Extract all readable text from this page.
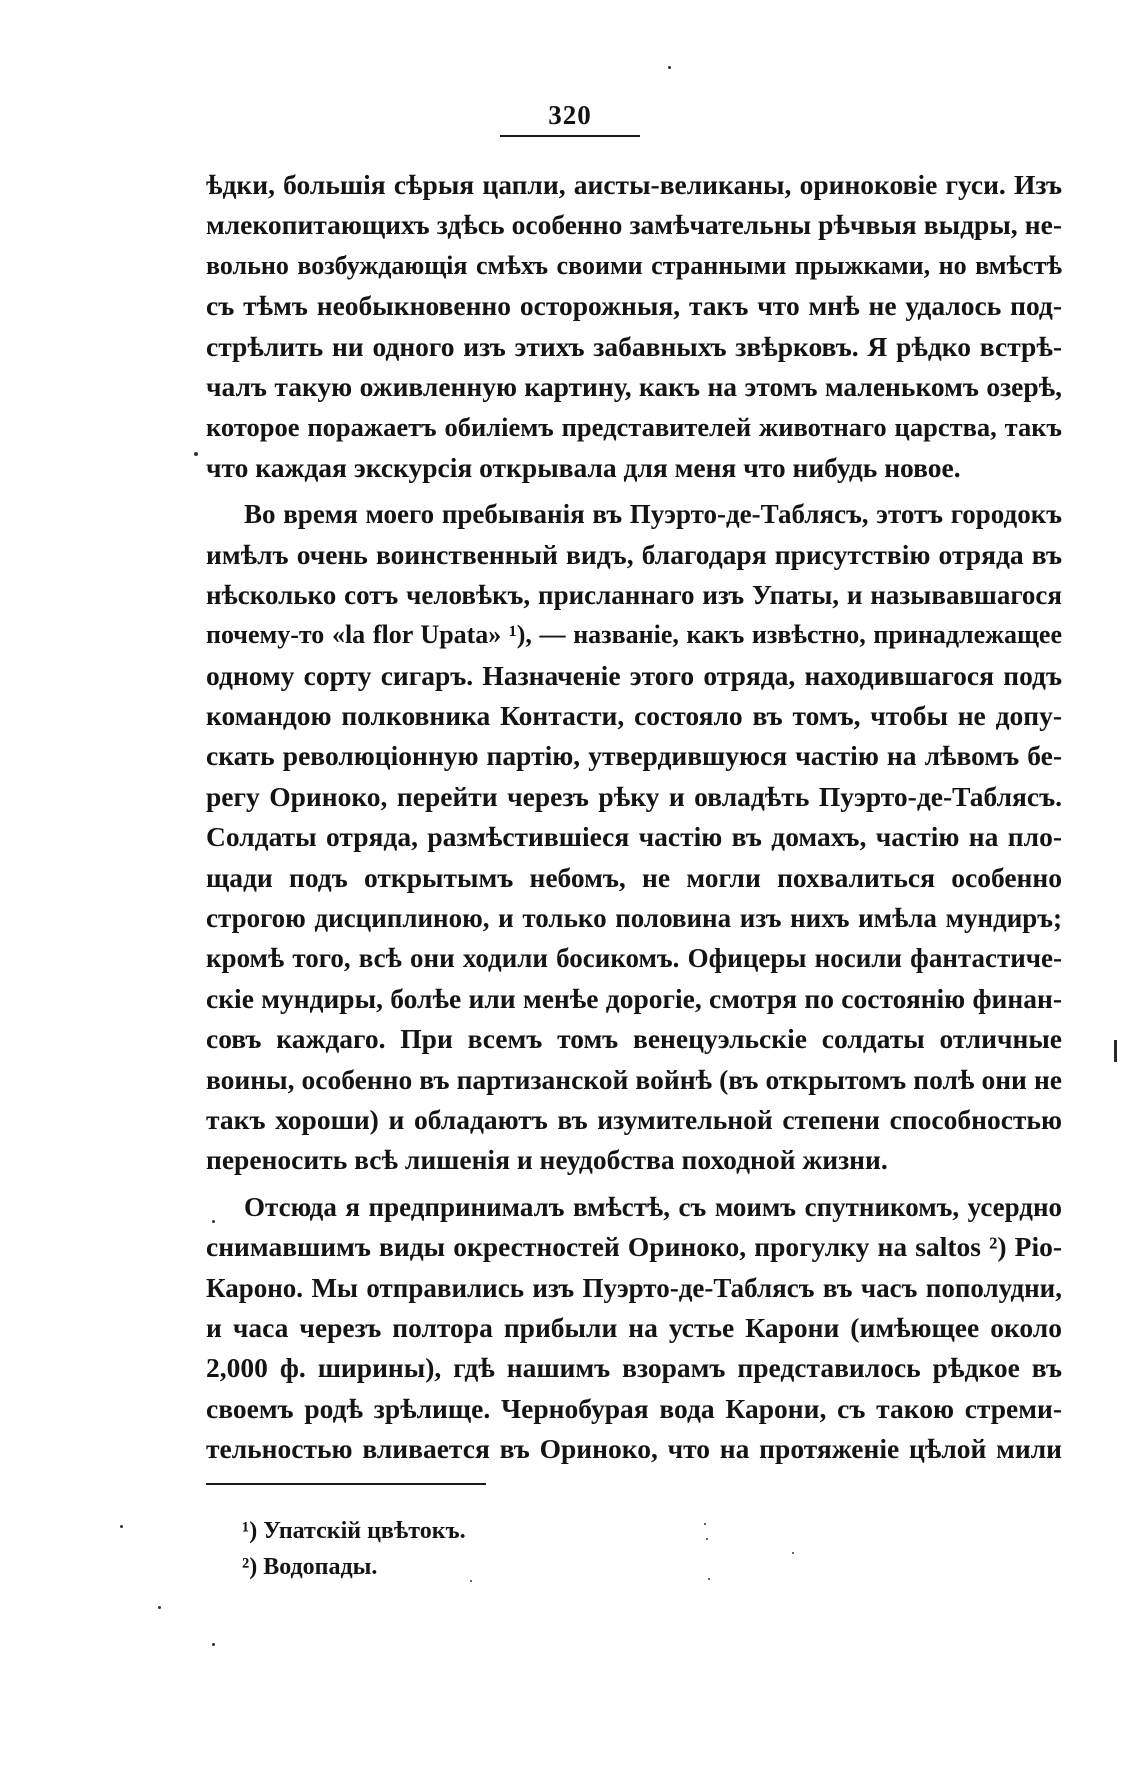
320
ѣдки, большія сѣрыя цапли, аисты-великаны, ориноковіе гуси. Изъ
млекопитающихъ здѣсь особенно замѣчательны рѣчвыя выдры, не-
вольно возбуждающія смѣхъ своими странными прыжками, но вмѣстѣ
съ тѣмъ необыкновенно осторожныя, такъ что мнѣ не удалось под-
стрѣлить ни одного изъ этихъ забавныхъ звѣрковъ. Я рѣдко встрѣ-
чалъ такую оживленную картину, какъ на этомъ маленькомъ озерѣ,
которое поражаетъ обиліемъ представителей животнаго царства, такъ
что каждая экскурсія открывала для меня что нибудь новое.
Во время моего пребыванія въ Пуэрто-де-Таблясъ, этотъ городокъ
имѣлъ очень воинственный видъ, благодаря присутствію отряда въ
нѣсколько сотъ человѣкъ, присланнаго изъ Упаты, и называвшагося
почему-то «la flor Upata» ¹), — названіе, какъ извѣстно, принадлежащее
одному сорту сигаръ. Назначеніе этого отряда, находившагося подъ
командою полковника Контасти, состояло въ томъ, чтобы не допу-
скать революціонную партію, утвердившуюся частію на лѣвомъ бе-
регу Ориноко, перейти черезъ рѣку и овладѣть Пуэрто-де-Таблясъ.
Солдаты отряда, размѣстившіеся частію въ домахъ, частію на пло-
щади подъ открытымъ небомъ, не могли похвалиться особенно
строгою дисциплиною, и только половина изъ нихъ имѣла мундиръ;
кромѣ того, всѣ они ходили босикомъ. Офицеры носили фантастиче-
скіе мундиры, болѣе или менѣе дорогіе, смотря по состоянію финан-
совъ каждаго. При всемъ томъ венецуэльскіе солдаты отличные
воины, особенно въ партизанской войнѣ (въ открытомъ полѣ они не
такъ хороши) и обладаютъ въ изумительной степени способностью
переносить всѣ лишенія и неудобства походной жизни.
Отсюда я предпринималъ вмѣстѣ, съ моимъ спутникомъ, усердно
снимавшимъ виды окрестностей Ориноко, прогулку на saltos ²) Ріо-
Кароно. Мы отправились изъ Пуэрто-де-Таблясъ въ часъ пополудни,
и часа черезъ полтора прибыли на устье Карони (имѣющее около
2,000 ф. ширины), гдѣ нашимъ взорамъ представилось рѣдкое въ
своемъ родѣ зрѣлище. Чернобурая вода Карони, съ такою стреми-
тельностью вливается въ Ориноко, что на протяженіе цѣлой мили
¹) Упатскій цвѣтокъ.
²) Водопады.
